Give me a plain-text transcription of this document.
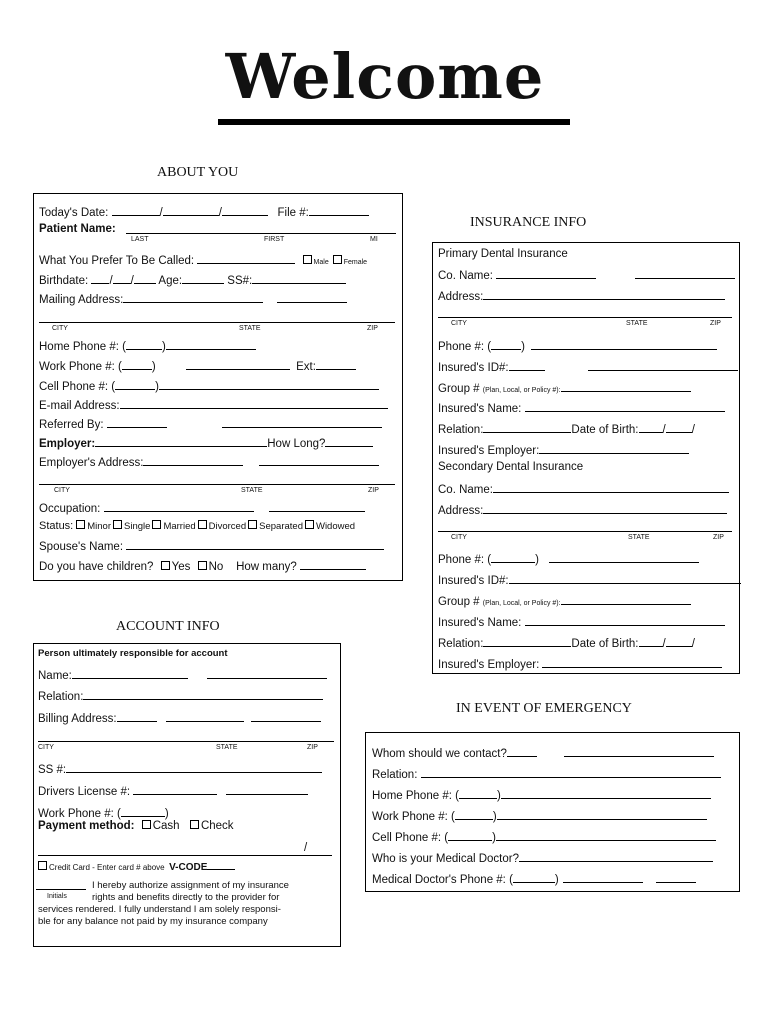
Welcome
ABOUT YOU
INSURANCE INFO
ACCOUNT INFO
IN EVENT OF EMERGENCY
Today's Date:	/	/	File #:
Patient Name:
LAST	FIRST	MI
What You Prefer To Be Called:	Male Female
Birthdate: / / Age:	SS#:
Mailing Address:
CITY	STATE	ZIP
Home Phone #: (	)
Work Phone #: (	)	Ext:
Cell Phone #: (	)
E-mail Address:
Referred By:
Employer:	How Long?
Employer's Address:
CITY	STATE	ZIP
Occupation:
Status: Minor Single Married Divorced Separated Widowed
Spouse's Name:
Do you have children? Yes No How many?
Primary Dental Insurance
Co. Name:
Address:
CITY	STATE	ZIP
Phone #: (	)
Insured's ID#:
Group # (Plan, Local, or Policy #):
Insured's Name:
Relation:	Date of Birth: / /
Insured's Employer:
Secondary Dental Insurance
Co. Name:
Address:
CITY	STATE	ZIP
Phone #: (	)
Insured's ID#:
Group # (Plan, Local, or Policy #):
Insured's Name:
Relation:	Date of Birth: / /
Insured's Employer:
Person ultimately responsible for account
Name:
Relation:
Billing Address:
CITY	STATE	ZIP
SS #:
Drivers License #:
Work Phone #: (	)
Payment method: Cash Check
/
Credit Card - Enter card # above V-CODE
I hereby authorize assignment of my insurance
Initials	rights and benefits directly to the provider for
services rendered. I fully understand I am solely responsi-
ble for any balance not paid by my insurance company
Whom should we contact?
Relation:
Home Phone #: (	)
Work Phone #: (	)
Cell Phone #: (	)
Who is your Medical Doctor?
Medical Doctor's Phone #: (	)
